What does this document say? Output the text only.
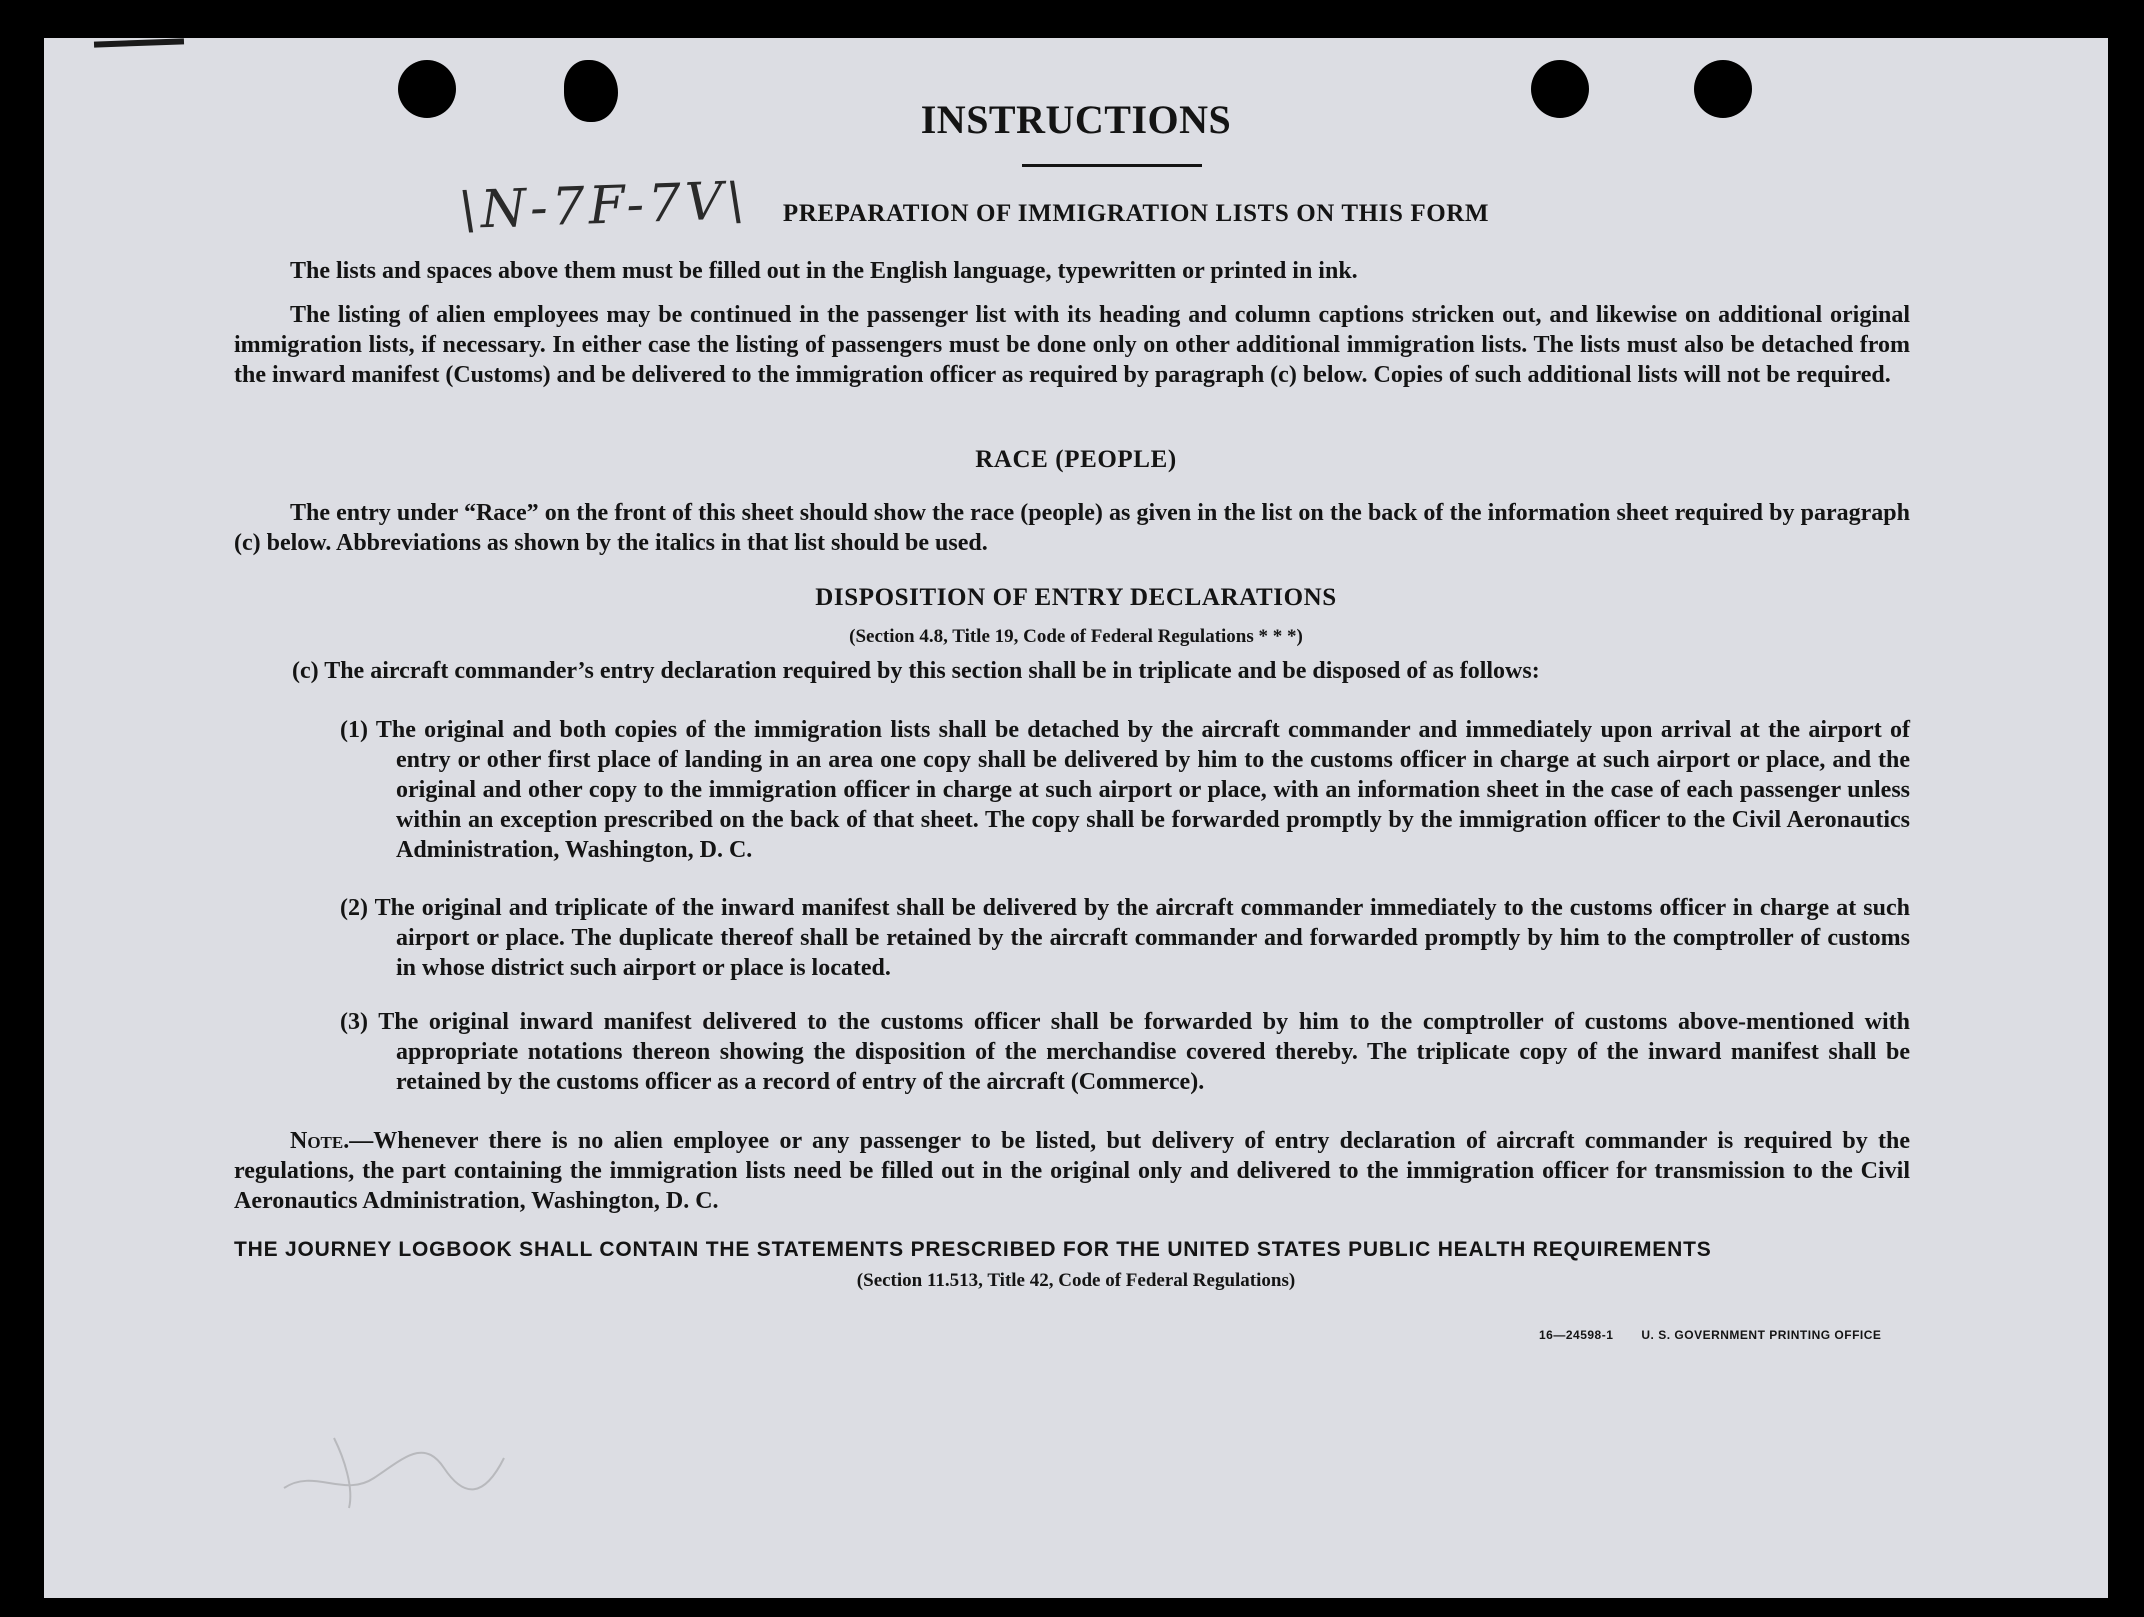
\N-7F-7V\
INSTRUCTIONS
PREPARATION OF IMMIGRATION LISTS ON THIS FORM
The lists and spaces above them must be filled out in the English language, typewritten or printed in ink.
The listing of alien employees may be continued in the passenger list with its heading and column captions stricken out, and likewise on additional original immigration lists, if necessary. In either case the listing of passengers must be done only on other additional immigration lists. The lists must also be detached from the inward manifest (Customs) and be delivered to the immigration officer as required by paragraph (c) below. Copies of such additional lists will not be required.
RACE (PEOPLE)
The entry under “Race” on the front of this sheet should show the race (people) as given in the list on the back of the information sheet required by paragraph (c) below. Abbreviations as shown by the italics in that list should be used.
DISPOSITION OF ENTRY DECLARATIONS
(Section 4.8, Title 19, Code of Federal Regulations * * *)
(c) The aircraft commander’s entry declaration required by this section shall be in triplicate and be disposed of as follows:
(1) The original and both copies of the immigration lists shall be detached by the aircraft commander and immediately upon arrival at the airport of entry or other first place of landing in an area one copy shall be delivered by him to the customs officer in charge at such airport or place, and the original and other copy to the immigration officer in charge at such airport or place, with an information sheet in the case of each passenger unless within an exception prescribed on the back of that sheet. The copy shall be forwarded promptly by the immigration officer to the Civil Aeronautics Administration, Washington, D. C.
(2) The original and triplicate of the inward manifest shall be delivered by the aircraft commander immediately to the customs officer in charge at such airport or place. The duplicate thereof shall be retained by the aircraft commander and forwarded promptly by him to the comptroller of customs in whose district such airport or place is located.
(3) The original inward manifest delivered to the customs officer shall be forwarded by him to the comptroller of customs above-mentioned with appropriate notations thereon showing the disposition of the merchandise covered thereby. The triplicate copy of the inward manifest shall be retained by the customs officer as a record of entry of the aircraft (Commerce).
Note.—Whenever there is no alien employee or any passenger to be listed, but delivery of entry declaration of aircraft commander is required by the regulations, the part containing the immigration lists need be filled out in the original only and delivered to the immigration officer for transmission to the Civil Aeronautics Administration, Washington, D. C.
THE JOURNEY LOGBOOK SHALL CONTAIN THE STATEMENTS PRESCRIBED FOR THE UNITED STATES PUBLIC HEALTH REQUIREMENTS
(Section 11.513, Title 42, Code of Federal Regulations)
16—24598-1 U. S. GOVERNMENT PRINTING OFFICE
